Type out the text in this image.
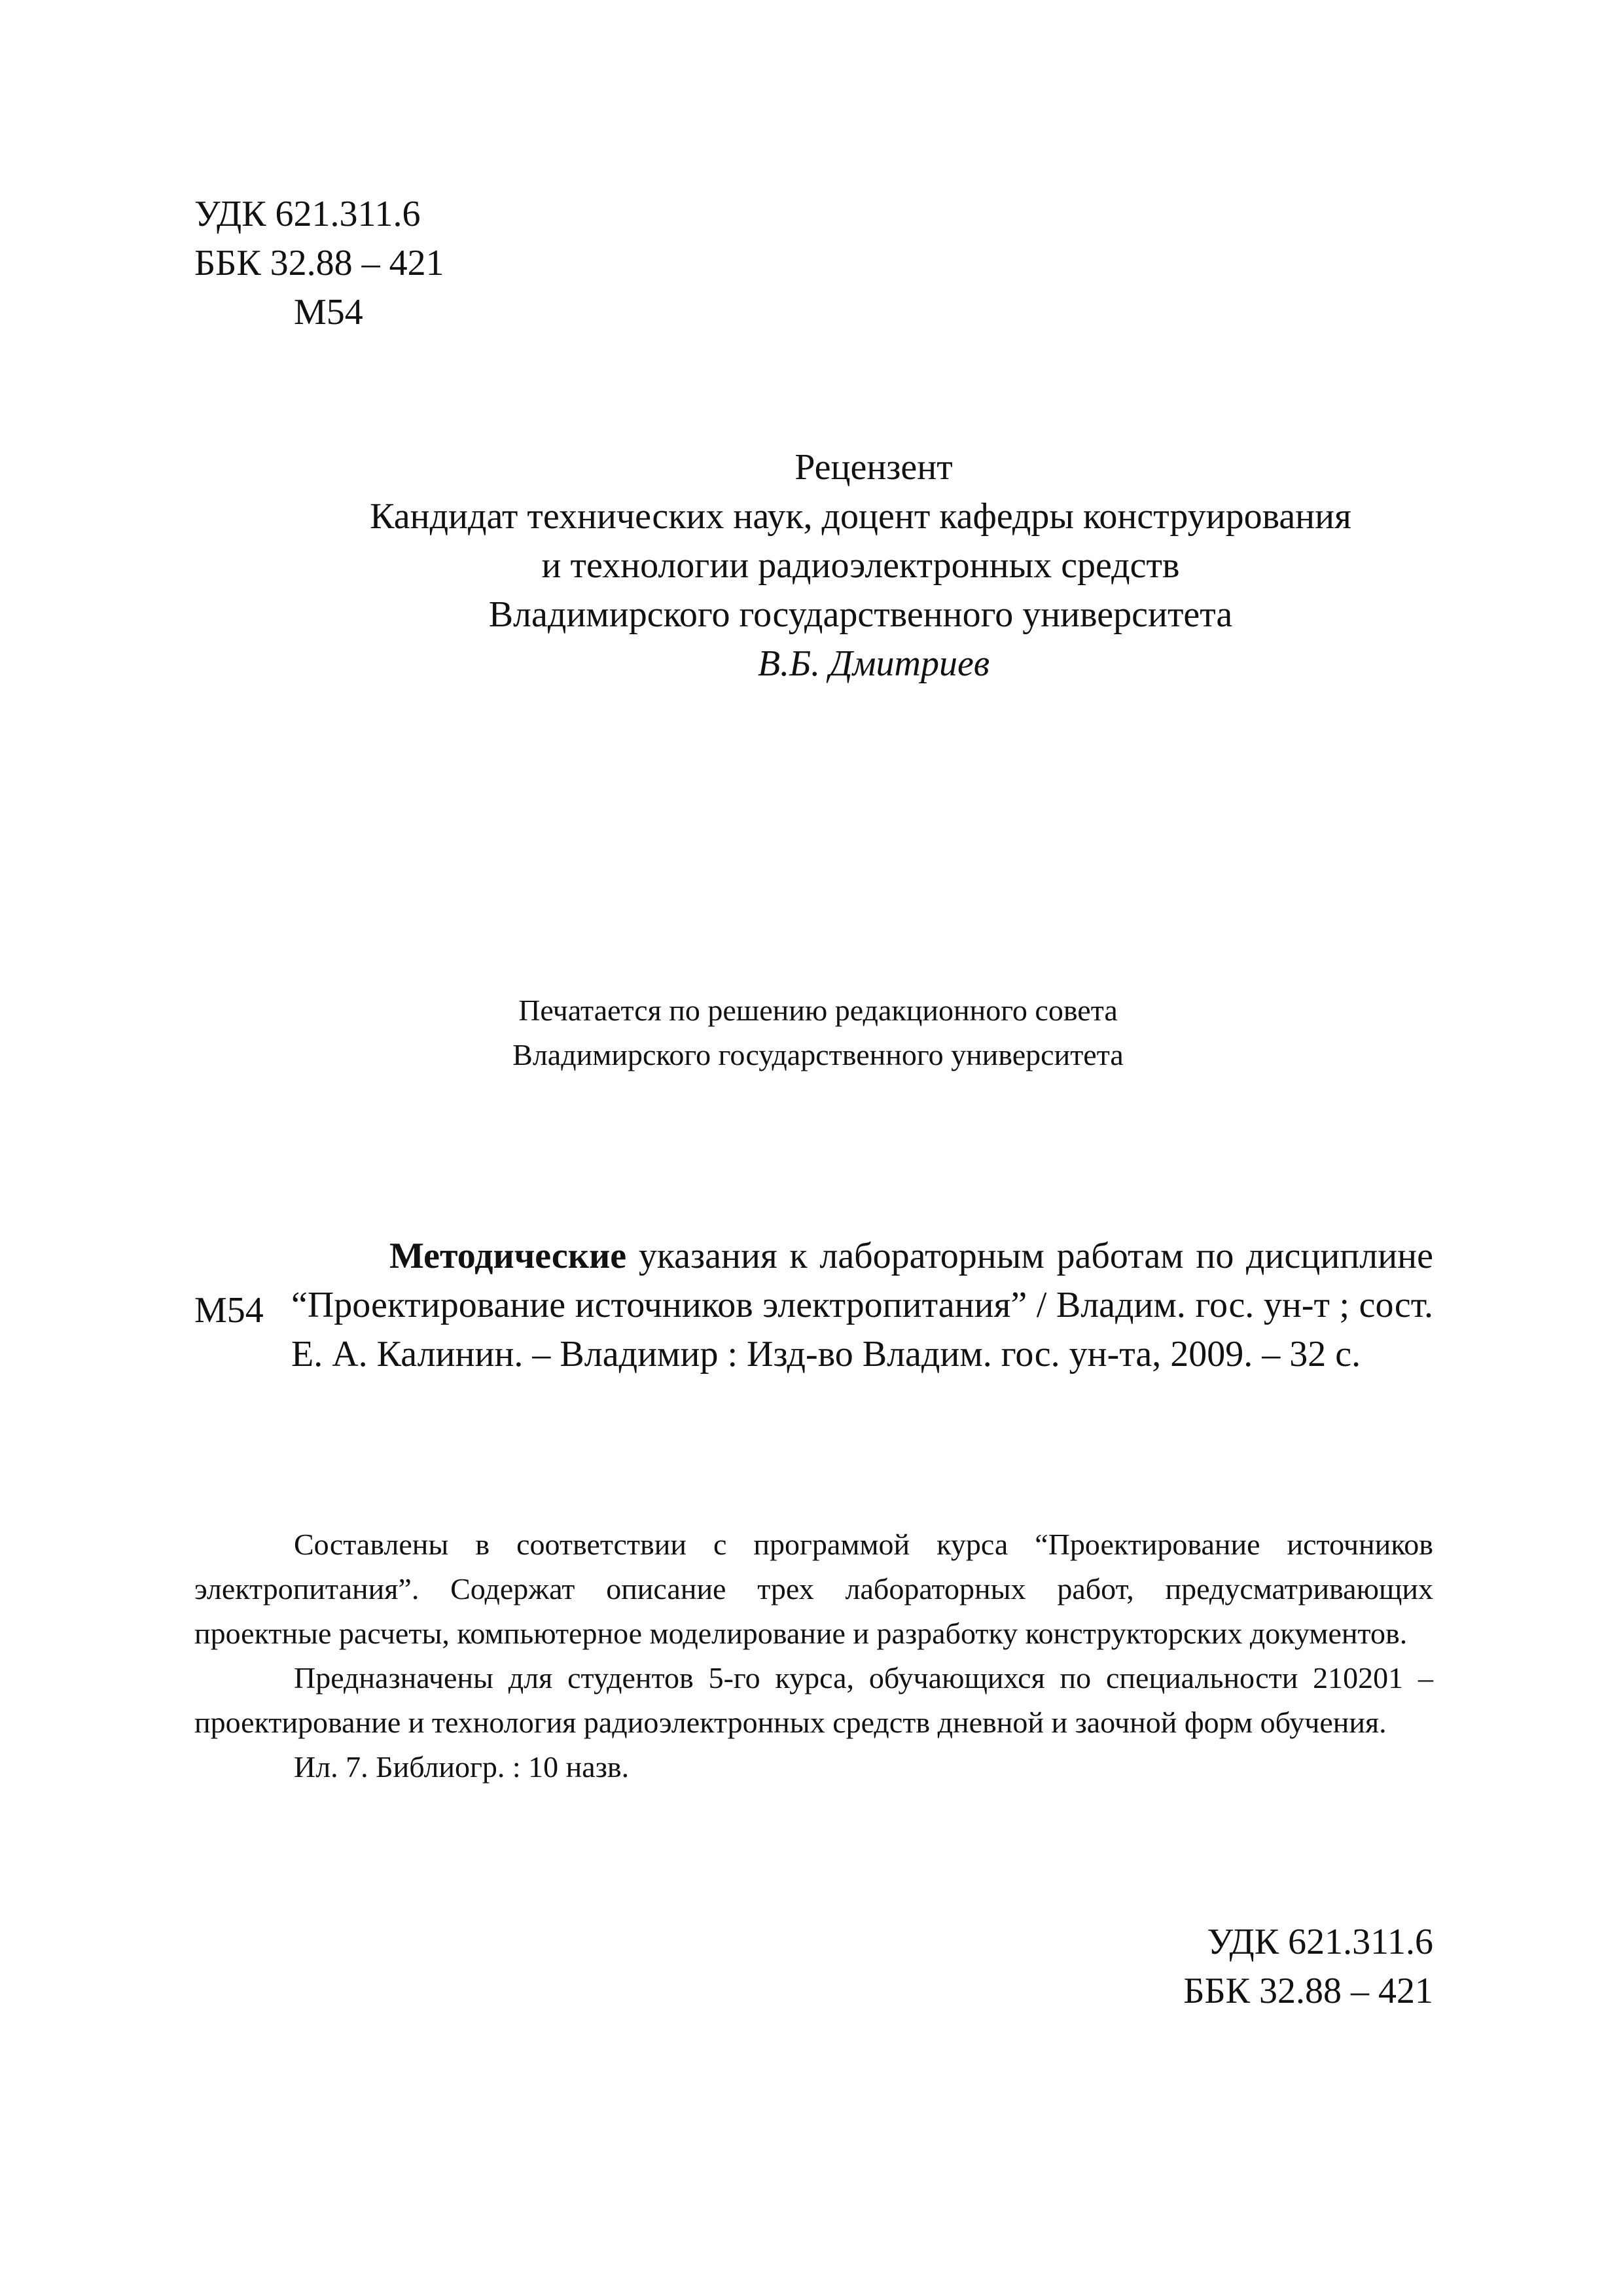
УДК 621.311.6
ББК 32.88 – 421
М54
Рецензент
Кандидат технических наук, доцент кафедры конструирования
и технологии радиоэлектронных средств
Владимирского государственного университета
В.Б. Дмитриев
Печатается по решению редакционного совета
Владимирского государственного университета
М54

Методические указания к лабораторным работам по дисциплине “Проектирование источников электропитания” / Владим. гос. ун-т ; сост. Е. А. Калинин. – Владимир : Изд-во Владим. гос. ун-та, 2009. – 32 с.

Составлены в соответствии с программой курса “Проектирование источников электропитания”. Содержат описание трех лабораторных работ, предусматривающих проектные расчеты, компьютерное моделирование и разработку конструкторских документов.

Предназначены для студентов 5-го курса, обучающихся по специальности 210201 – проектирование и технология радиоэлектронных средств дневной и заочной форм обучения.

Ил. 7. Библиогр. : 10 назв.

УДК 621.311.6
ББК 32.88 – 421
